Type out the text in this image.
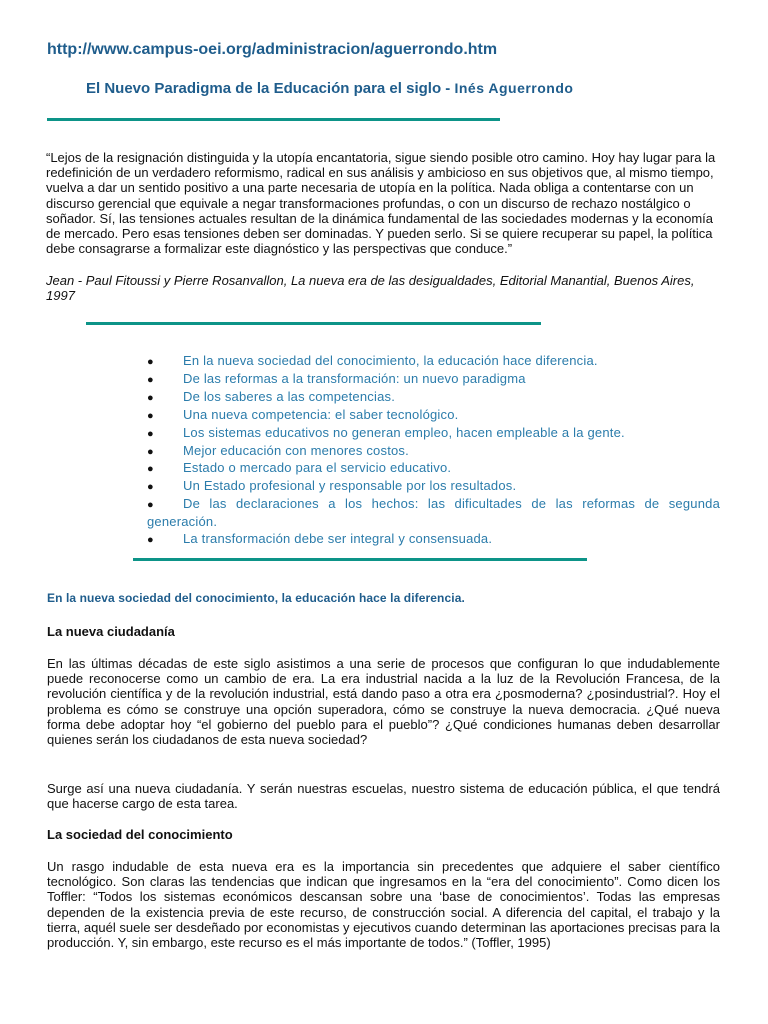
http://www.campus-oei.org/administracion/aguerrondo.htm

El Nuevo Paradigma de la Educación para el siglo - Inés Aguerrondo

“Lejos de la resignación distinguida y la utopía encantatoria, sigue siendo posible otro camino. Hoy hay lugar para la redefinición de un verdadero reformismo, radical en sus análisis y ambicioso en sus objetivos que, al mismo tiempo, vuelva a dar un sentido positivo a una parte necesaria de utopía en la política. Nada obliga a contentarse con un discurso gerencial que equivale a negar transformaciones profundas, o con un discurso de rechazo nostálgico o soñador. Sí, las tensiones actuales resultan de la dinámica fundamental de las sociedades modernas y la economía de mercado. Pero esas tensiones deben ser dominadas. Y pueden serlo. Si se quiere recuperar su papel, la política debe consagrarse a formalizar este diagnóstico y las perspectivas que conduce.”

Jean - Paul Fitoussi y Pierre Rosanvallon, La nueva era de las desigualdades, Editorial Manantial, Buenos Aires, 1997

● En la nueva sociedad del conocimiento, la educación hace diferencia.
● De las reformas a la transformación: un nuevo paradigma
● De los saberes a las competencias.
● Una nueva competencia: el saber tecnológico.
● Los sistemas educativos no generan empleo, hacen empleable a la gente.
● Mejor educación con menores costos.
● Estado o mercado para el servicio educativo.
● Un Estado profesional y responsable por los resultados.
● De las declaraciones a los hechos: las dificultades de las reformas de segunda generación.
● La transformación debe ser integral y consensuada.

En la nueva sociedad del conocimiento, la educación hace la diferencia.

La nueva ciudadanía

En las últimas décadas de este siglo asistimos a una serie de procesos que configuran lo que indudablemente puede reconocerse como un cambio de era. La era industrial nacida a la luz de la Revolución Francesa, de la revolución científica y de la revolución industrial, está dando paso a otra era ¿posmoderna? ¿posindustrial?. Hoy el problema es cómo se construye una opción superadora, cómo se construye la nueva democracia. ¿Qué nueva forma debe adoptar hoy “el gobierno del pueblo para el pueblo”? ¿Qué condiciones humanas deben desarrollar quienes serán los ciudadanos de esta nueva sociedad?

Surge así una nueva ciudadanía. Y serán nuestras escuelas, nuestro sistema de educación pública, el que tendrá que hacerse cargo de esta tarea.

La sociedad del conocimiento

Un rasgo indudable de esta nueva era es la importancia sin precedentes que adquiere el saber científico tecnológico. Son claras las tendencias que indican que ingresamos en la “era del conocimiento”. Como dicen los Toffler: “Todos los sistemas económicos descansan sobre una ‘base de conocimientos’. Todas las empresas dependen de la existencia previa de este recurso, de construcción social. A diferencia del capital, el trabajo y la tierra, aquél suele ser desdeñado por economistas y ejecutivos cuando determinan las aportaciones precisas para la producción. Y, sin embargo, este recurso es el más importante de todos.” (Toffler, 1995)
